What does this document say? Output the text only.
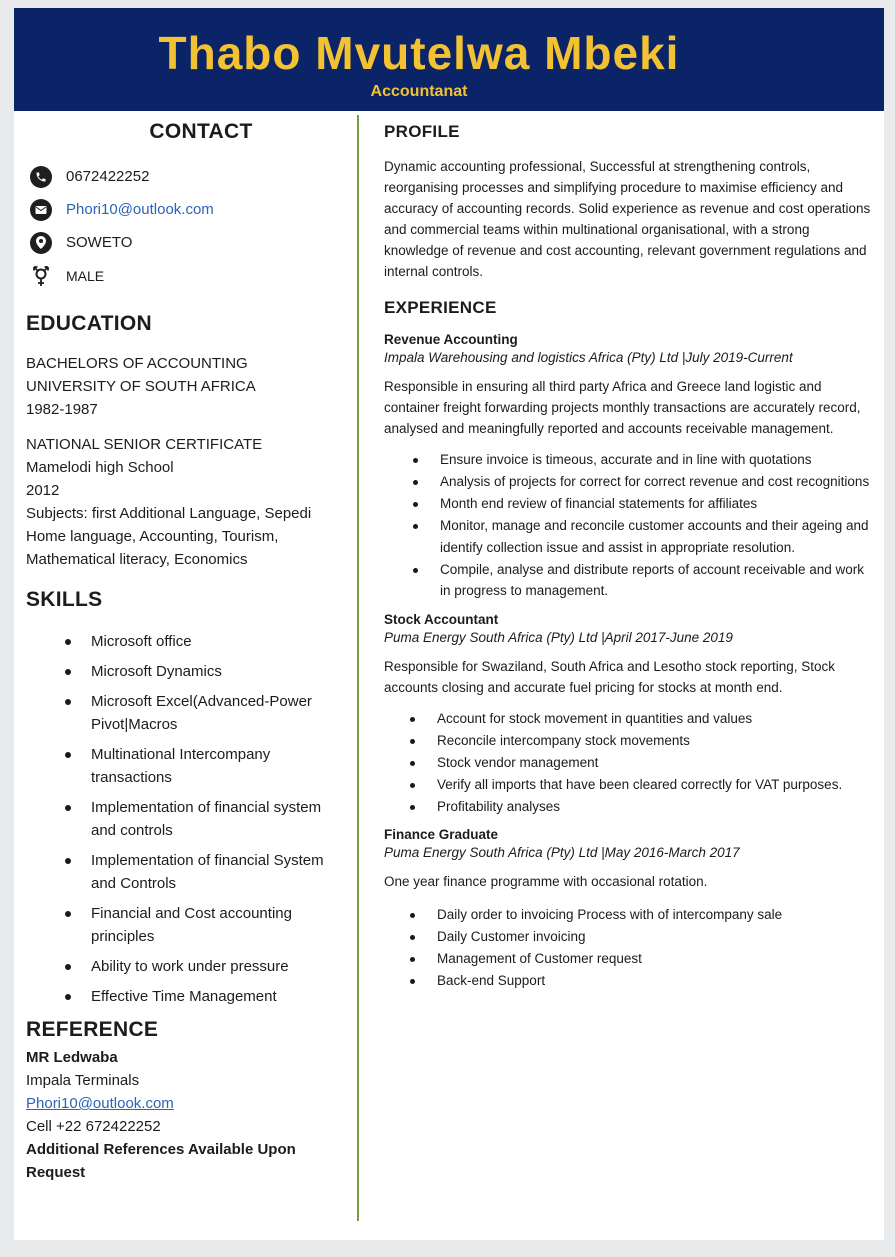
Thabo Mvutelwa Mbeki
Accountanat
CONTACT
0672422252
Phori10@outlook.com
SOWETO
MALE
EDUCATION

BACHELORS OF ACCOUNTING

UNIVERSITY OF SOUTH AFRICA

1982-1987

NATIONAL SENIOR CERTIFICATE

Mamelodi high School

2012

Subjects: first Additional Language, Sepedi

Home language, Accounting, Tourism,

Mathematical literacy, Economics

SKILLS
Microsoft office
Microsoft Dynamics
Microsoft Excel(Advanced-Power Pivot|Macros
Multinational Intercompany transactions
Implementation of financial system and controls
Implementation of financial System and Controls
Financial and Cost accounting principles
Ability to work under pressure
Effective Time Management
REFERENCE

MR Ledwaba

Impala Terminals

Phori10@outlook.com

Cell +22 672422252

Additional References Available Upon Request

PROFILE

Dynamic accounting professional, Successful at strengthening controls, reorganising processes and simplifying procedure to maximise efficiency and accuracy of accounting records. Solid experience as revenue and cost operations and commercial teams within multinational organisational, with a strong knowledge of revenue and cost accounting, relevant government regulations and internal controls.

EXPERIENCE
Revenue Accounting
Impala Warehousing and logistics Africa (Pty) Ltd |July 2019-Current

Responsible in ensuring all third party Africa and Greece land logistic and container freight forwarding projects monthly transactions are accurately record, analysed and meaningfully reported and accounts receivable management.

Ensure invoice is timeous, accurate and in line with quotations
Analysis of projects for correct for correct revenue and cost recognitions
Month end review of financial statements for affiliates
Monitor, manage and reconcile customer accounts and their ageing and identify collection issue and assist in appropriate resolution.
Compile, analyse and distribute reports of account receivable and work in progress to management.
Stock Accountant
Puma Energy South Africa (Pty) Ltd |April 2017-June 2019

Responsible for Swaziland, South Africa and Lesotho stock reporting, Stock accounts closing and accurate fuel pricing for stocks at month end.

Account for stock movement in quantities and values
Reconcile intercompany stock movements
Stock vendor management
Verify all imports that have been cleared correctly for VAT purposes.
Profitability analyses
Finance Graduate
Puma Energy South Africa (Pty) Ltd |May 2016-March 2017

One year finance programme with occasional rotation.

Daily order to invoicing Process with of intercompany sale
Daily Customer invoicing
Management of Customer request
Back-end Support
